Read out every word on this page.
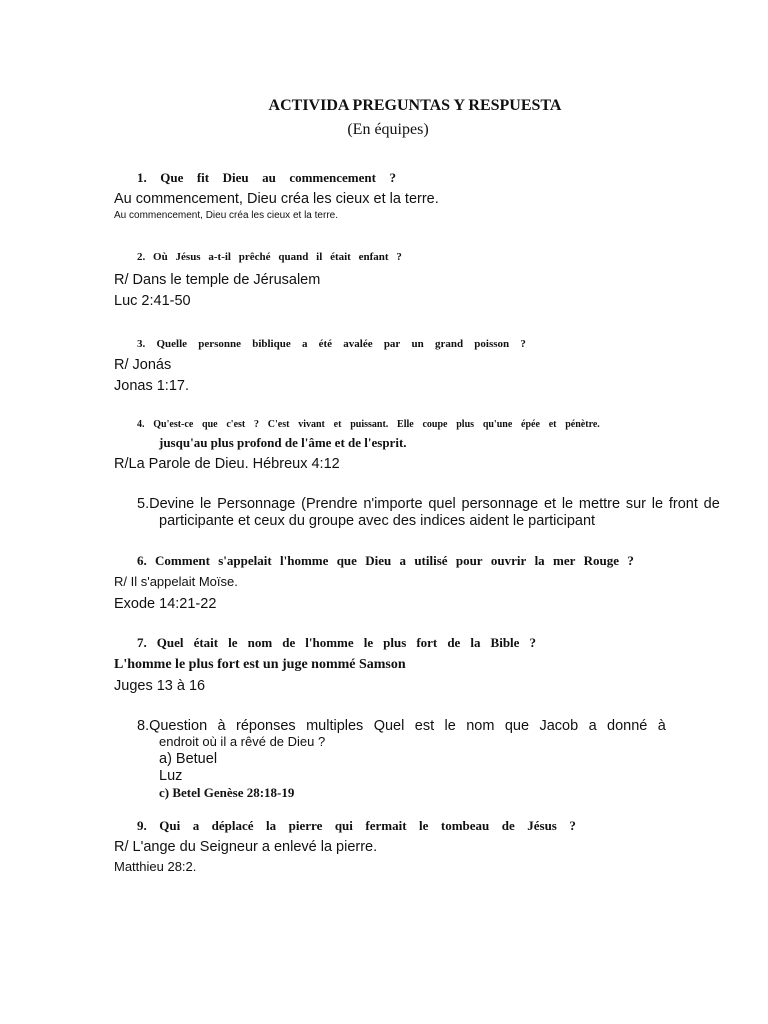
ACTIVIDA PREGUNTAS Y RESPUESTA
(En équipes)
1. Que fit Dieu au commencement ?
Au commencement, Dieu créa les cieux et la terre.
Au commencement, Dieu créa les cieux et la terre.
2. Où Jésus a-t-il prêché quand il était enfant ?
R/ Dans le temple de Jérusalem
Luc 2:41-50
3. Quelle personne biblique a été avalée par un grand poisson ?
R/ Jonás
Jonas 1:17.
4. Qu'est-ce que c'est ? C'est vivant et puissant. Elle coupe plus qu'une épée et pénètre.
jusqu'au plus profond de l'âme et de l'esprit.
R/La Parole de Dieu. Hébreux 4:12
5.Devine le Personnage (Prendre n'importe quel personnage et le mettre sur le front de
participante et ceux du groupe avec des indices aident le participant
6. Comment s'appelait l'homme que Dieu a utilisé pour ouvrir la mer Rouge ?
R/ Il s'appelait Moïse.
Exode 14:21-22
7. Quel était le nom de l'homme le plus fort de la Bible ?
L'homme le plus fort est un juge nommé Samson
Juges 13 à 16
8.Question à réponses multiples Quel est le nom que Jacob a donné à
endroit où il a rêvé de Dieu ?
a) Betuel
Luz
c) Betel Genèse 28:18-19
9. Qui a déplacé la pierre qui fermait le tombeau de Jésus ?
R/ L'ange du Seigneur a enlevé la pierre.
Matthieu 28:2.
